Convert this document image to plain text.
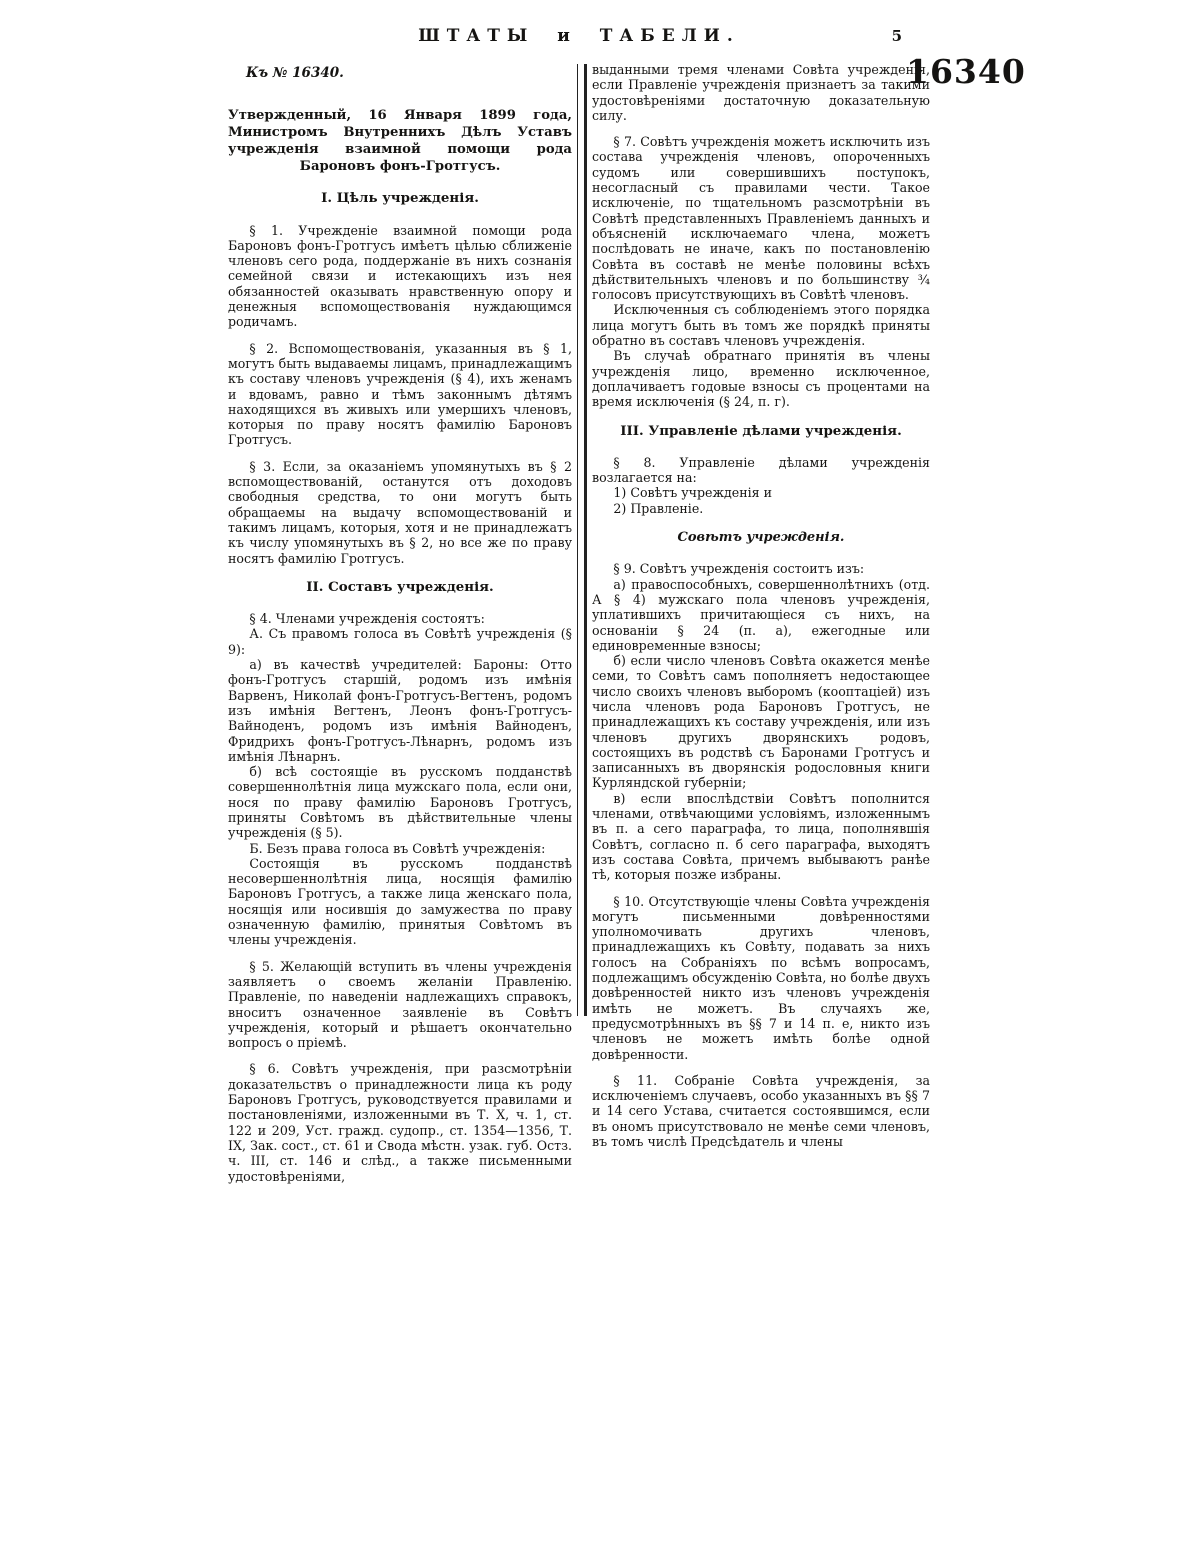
ШТАТЫ и ТАБЕЛИ.	5
Къ № 16340.

Утвержденный, 16 Января 1899 года, Министромъ Внутреннихъ Дѣлъ Уставъ учрежденія взаимной помощи рода Бароновъ фонъ-Гротгусъ.

I. Цѣль учрежденія.

§ 1. Учрежденіе взаимной помощи рода Бароновъ фонъ-Гротгусъ имѣетъ цѣлью сближеніе членовъ сего рода, поддержаніе въ нихъ сознанія семейной связи и истекающихъ изъ нея обязанностей оказывать нравственную опору и денежныя вспомоществованія нуждающимся родичамъ.

§ 2. Вспомоществованія, указанныя въ § 1, могутъ быть выдаваемы лицамъ, принадлежащимъ къ составу членовъ учрежденія (§ 4), ихъ женамъ и вдовамъ, равно и тѣмъ законнымъ дѣтямъ находящихся въ живыхъ или умершихъ членовъ, которыя по праву носятъ фамилію Бароновъ Гротгусъ.

§ 3. Если, за оказаніемъ упомянутыхъ въ § 2 вспомоществованій, останутся отъ доходовъ свободныя средства, то они могутъ быть обращаемы на выдачу вспомоществованій и такимъ лицамъ, которыя, хотя и не принадлежатъ къ числу упомянутыхъ въ § 2, но все же по праву носятъ фамилію Гротгусъ.

II. Составъ учрежденія.

§ 4. Членами учрежденія состоятъ:

А. Съ правомъ голоса въ Совѣтѣ учрежденія (§ 9):

а) въ качествѣ учредителей: Бароны: Отто фонъ-Гротгусъ старшій, родомъ изъ имѣнія Варвенъ, Николай фонъ-Гротгусъ-Вегтенъ, родомъ изъ имѣнія Вегтенъ, Леонъ фонъ-Гротгусъ-Вайноденъ, родомъ изъ имѣнія Вайноденъ, Фридрихъ фонъ-Гротгусъ-Лѣнарнъ, родомъ изъ имѣнія Лѣнарнъ.

б) всѣ состоящіе въ русскомъ подданствѣ совершеннолѣтнія лица мужскаго пола, если они, нося по праву фамилію Бароновъ Гротгусъ, приняты Совѣтомъ въ дѣйствительные члены учрежденія (§ 5).

Б. Безъ права голоса въ Совѣтѣ учрежденія:

Состоящія въ русскомъ подданствѣ несовершеннолѣтнія лица, носящія фамилію Бароновъ Гротгусъ, а также лица женскаго пола, носящія или носившія до замужества по праву означенную фамилію, принятыя Совѣтомъ въ члены учрежденія.

§ 5. Желающій вступить въ члены учрежденія заявляетъ о своемъ желаніи Правленію. Правленіе, по наведеніи надлежащихъ справокъ, вноситъ означенное заявленіе въ Совѣтъ учрежденія, который и рѣшаетъ окончательно вопросъ о пріемѣ.

§ 6. Совѣтъ учрежденія, при разсмотрѣніи доказательствъ о принадлежности лица къ роду Бароновъ Гротгусъ, руководствуется правилами и постановленіями, изложенными въ Т. X, ч. 1, ст. 122 и 209, Уст. гражд. судопр., ст. 1354—1356, Т. IX, Зак. сост., ст. 61 и Свода мѣстн. узак. губ. Остз. ч. III, ст. 146 и слѣд., а также письменными удостовѣреніями,

выданными тремя членами Совѣта учрежденія, если Правленіе учрежденія признаетъ за такими удостовѣреніями достаточную доказательную силу.

§ 7. Совѣтъ учрежденія можетъ исключить изъ состава учрежденія членовъ, опороченныхъ судомъ или совершившихъ поступокъ, несогласный съ правилами чести. Такое исключеніе, по тщательномъ разсмотрѣніи въ Совѣтѣ представленныхъ Правленіемъ данныхъ и объясненій исключаемаго члена, можетъ послѣдовать не иначе, какъ по постановленію Совѣта въ составѣ не менѣе половины всѣхъ дѣйствительныхъ членовъ и по большинству ¾ голосовъ присутствующихъ въ Совѣтѣ членовъ.

Исключенныя съ соблюденіемъ этого порядка лица могутъ быть въ томъ же порядкѣ приняты обратно въ составъ членовъ учрежденія.

Въ случаѣ обратнаго принятія въ члены учрежденія лицо, временно исключенное, доплачиваетъ годовые взносы съ процентами на время исключенія (§ 24, п. г).

III. Управленіе дѣлами учрежденія.

§ 8. Управленіе дѣлами учрежденія возлагается на:

1) Совѣтъ учрежденія и

2) Правленіе.

Совѣтъ учрежденія.

§ 9. Совѣтъ учрежденія состоитъ изъ:

а) правоспособныхъ, совершеннолѣтнихъ (отд. А § 4) мужскаго пола членовъ учрежденія, уплатившихъ причитающіеся съ нихъ, на основаніи § 24 (п. а), ежегодные или единовременные взносы;

б) если число членовъ Совѣта окажется менѣе семи, то Совѣтъ самъ пополняетъ недостающее число своихъ членовъ выборомъ (кооптаціей) изъ числа членовъ рода Бароновъ Гротгусъ, не принадлежащихъ къ составу учрежденія, или изъ членовъ другихъ дворянскихъ родовъ, состоящихъ въ родствѣ съ Баронами Гротгусъ и записанныхъ въ дворянскія родословныя книги Курляндской губерніи;

в) если впослѣдствіи Совѣтъ пополнится членами, отвѣчающими условіямъ, изложеннымъ въ п. а сего параграфа, то лица, пополнявшія Совѣтъ, согласно п. б сего параграфа, выходятъ изъ состава Совѣта, причемъ выбываютъ ранѣе тѣ, которыя позже избраны.

§ 10. Отсутствующіе члены Совѣта учрежденія могутъ письменными довѣренностями уполномочивать другихъ членовъ, принадлежащихъ къ Совѣту, подавать за нихъ голосъ на Собраніяхъ по всѣмъ вопросамъ, подлежащимъ обсужденію Совѣта, но болѣе двухъ довѣренностей никто изъ членовъ учрежденія имѣть не можетъ. Въ случаяхъ же, предусмотрѣнныхъ въ §§ 7 и 14 п. е, никто изъ членовъ не можетъ имѣть болѣе одной довѣренности.

§ 11. Собраніе Совѣта учрежденія, за исключеніемъ случаевъ, особо указанныхъ въ §§ 7 и 14 сего Устава, считается состоявшимся, если въ ономъ присутствовало не менѣе семи членовъ, въ томъ числѣ Предсѣдатель и члены

16340
